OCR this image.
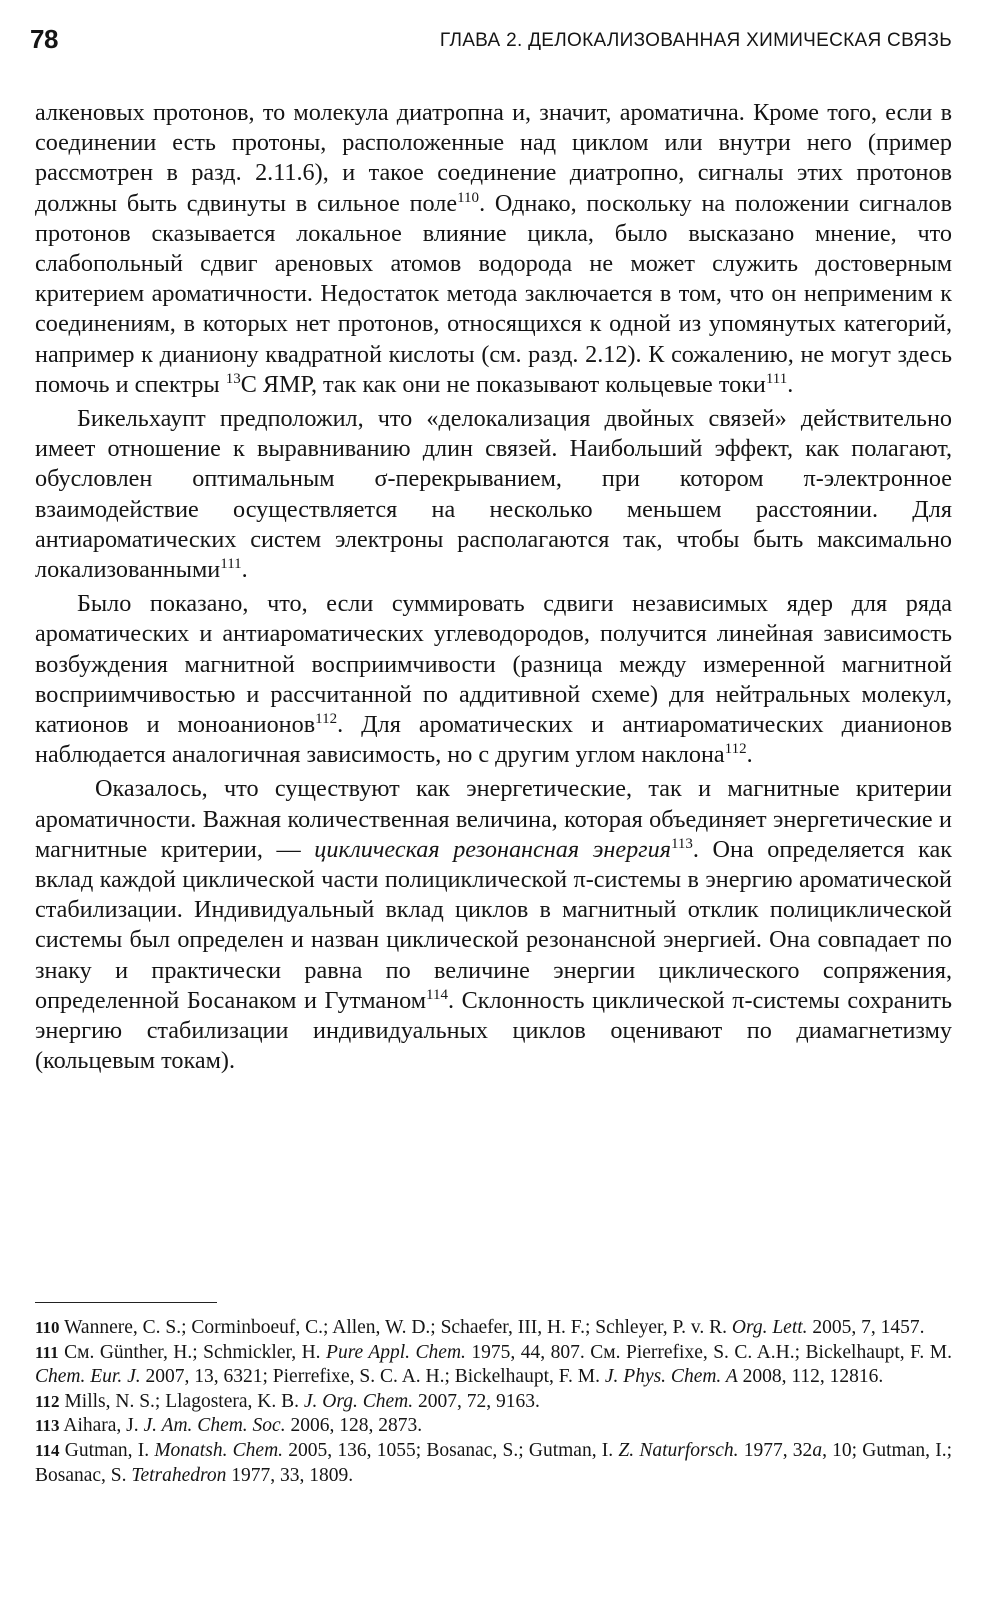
78	ГЛАВА 2. ДЕЛОКАЛИЗОВАННАЯ ХИМИЧЕСКАЯ СВЯЗЬ

алкеновых протонов, то молекула диатропна и, значит, ароматична. Кроме того, если в соединении есть протоны, расположенные над циклом или внутри него (пример рассмотрен в разд. 2.11.6), и такое соединение диатропно, сигналы этих протонов должны быть сдвинуты в сильное поле$^{110}$. Однако, поскольку на положении сигналов протонов сказывается локальное влияние цикла, было высказано мнение, что слабопольный сдвиг ареновых атомов водорода не может служить достоверным критерием ароматичности. Недостаток метода заключается в том, что он неприменим к соединениям, в которых нет протонов, относящихся к одной из упомянутых категорий, например к дианиону квадратной кислоты (см. разд. 2.12). К сожалению, не могут здесь помочь и спектры $^{13}$С ЯМР, так как они не показывают кольцевые токи$^{111}$.

Бикельхаупт предположил, что «делокализация двойных связей» действительно имеет отношение к выравниванию длин связей. Наибольший эффект, как полагают, обусловлен оптимальным σ-перекрыванием, при котором π-электронное взаимодействие осуществляется на несколько меньшем расстоянии. Для антиароматических систем электроны располагаются так, чтобы быть максимально локализованными$^{111}$.

Было показано, что, если суммировать сдвиги независимых ядер для ряда ароматических и антиароматических углеводородов, получится линейная зависимость возбуждения магнитной восприимчивости (разница между измеренной магнитной восприимчивостью и рассчитанной по аддитивной схеме) для нейтральных молекул, катионов и моноанионов$^{112}$. Для ароматических и антиароматических дианионов наблюдается аналогичная зависимость, но с другим углом наклона$^{112}$.

Оказалось, что существуют как энергетические, так и магнитные критерии ароматичности. Важная количественная величина, которая объединяет энергетические и магнитные критерии, — циклическая резонансная энергия$^{113}$. Она определяется как вклад каждой циклической части полициклической π-системы в энергию ароматической стабилизации. Индивидуальный вклад циклов в магнитный отклик полициклической системы был определен и назван циклической резонансной энергией. Она совпадает по знаку и практически равна по величине энергии циклического сопряжения, определенной Босанаком и Гутманом$^{114}$. Склонность циклической π-системы сохранить энергию стабилизации индивидуальных циклов оценивают по диамагнетизму (кольцевым токам).

110 Wannere, C. S.; Corminboeuf, C.; Allen, W. D.; Schaefer, III, H. F.; Schleyer, P. v. R. Org. Lett. 2005, 7, 1457.

111 См. Günther, H.; Schmickler, H. Pure Appl. Chem. 1975, 44, 807. См. Pierrefixe, S. C. A.H.; Bickelhaupt, F. M. Chem. Eur. J. 2007, 13, 6321; Pierrefixe, S. C. A. H.; Bickelhaupt, F. M. J. Phys. Chem. A 2008, 112, 12816.

112 Mills, N. S.; Llagostera, K. B. J. Org. Chem. 2007, 72, 9163.

113 Aihara, J. J. Am. Chem. Soc. 2006, 128, 2873.

114 Gutman, I. Monatsh. Chem. 2005, 136, 1055; Bosanac, S.; Gutman, I. Z. Naturforsch. 1977, 32a, 10; Gutman, I.; Bosanac, S. Tetrahedron 1977, 33, 1809.
